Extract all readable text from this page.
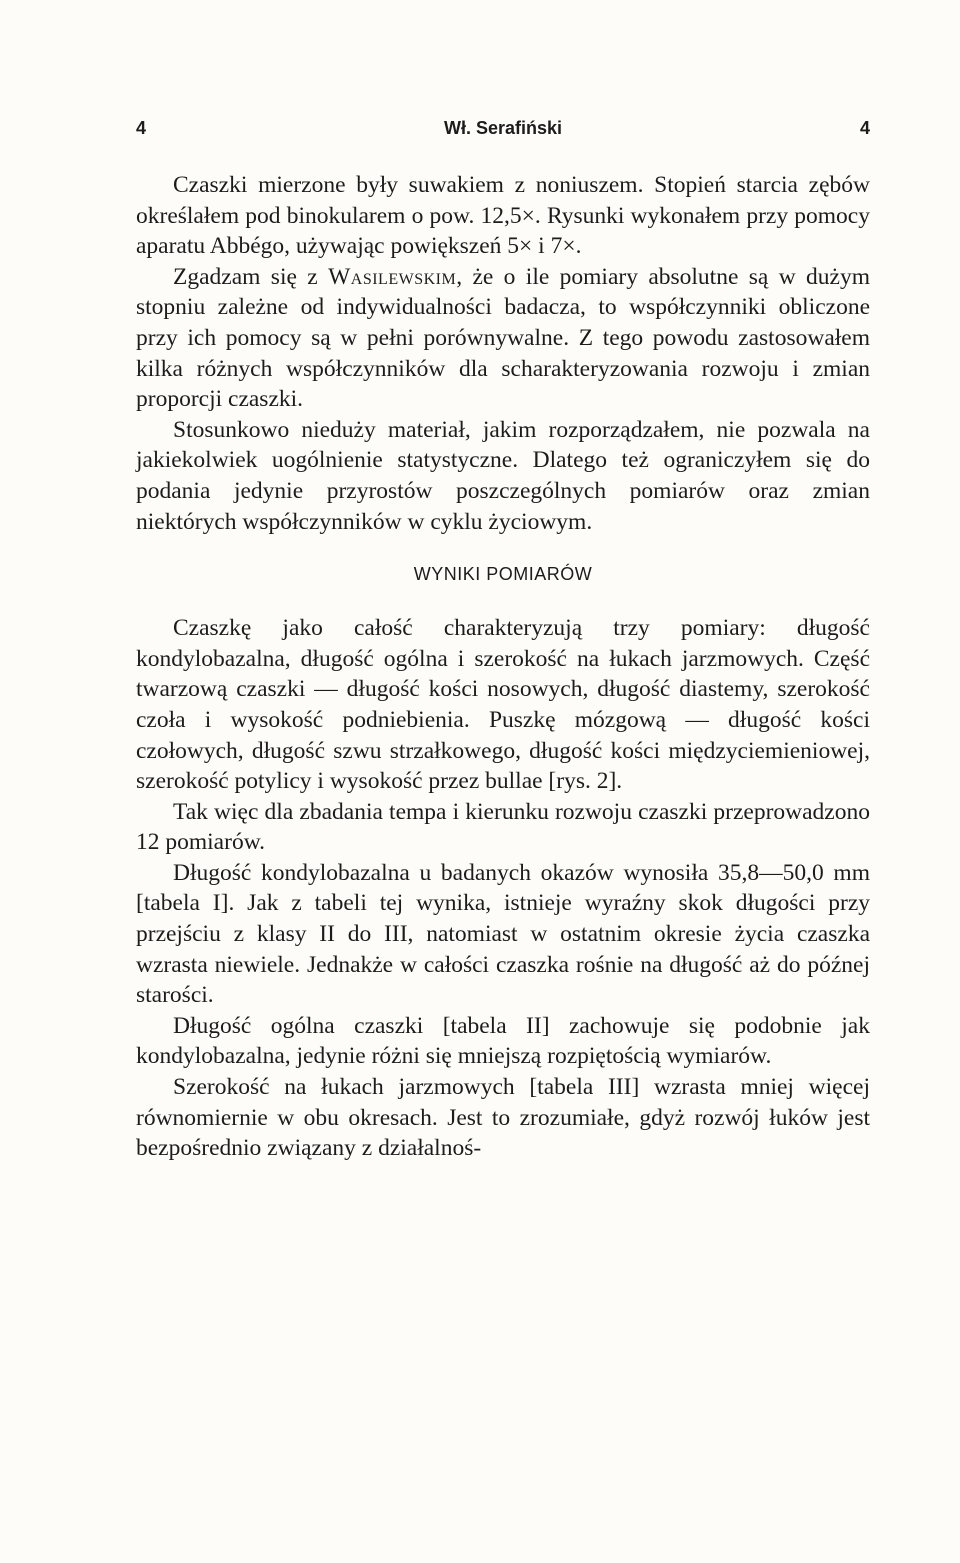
4	Wł. Serafiński	4

Czaszki mierzone były suwakiem z noniuszem. Stopień starcia zębów określałem pod binokularem o pow. 12,5×. Rysunki wykonałem przy pomocy aparatu Abbégo, używając powiększeń 5× i 7×.

Zgadzam się z Wasilewskim, że o ile pomiary absolutne są w dużym stopniu zależne od indywidualności badacza, to współczynniki obliczone przy ich pomocy są w pełni porównywalne. Z tego powodu zastosowałem kilka różnych współczynników dla scharakteryzowania rozwoju i zmian proporcji czaszki.

Stosunkowo nieduży materiał, jakim rozporządzałem, nie pozwala na jakiekolwiek uogólnienie statystyczne. Dlatego też ograniczyłem się do podania jedynie przyrostów poszczególnych pomiarów oraz zmian niektórych współczynników w cyklu życiowym.

WYNIKI POMIARÓW

Czaszkę jako całość charakteryzują trzy pomiary: długość kondylobazalna, długość ogólna i szerokość na łukach jarzmowych. Część twarzową czaszki — długość kości nosowych, długość diastemy, szerokość czoła i wysokość podniebienia. Puszkę mózgową — długość kości czołowych, długość szwu strzałkowego, długość kości międzyciemieniowej, szerokość potylicy i wysokość przez bullae [rys. 2].

Tak więc dla zbadania tempa i kierunku rozwoju czaszki przeprowadzono 12 pomiarów.

Długość kondylobazalna u badanych okazów wynosiła 35,8—50,0 mm [tabela I]. Jak z tabeli tej wynika, istnieje wyraźny skok długości przy przejściu z klasy II do III, natomiast w ostatnim okresie życia czaszka wzrasta niewiele. Jednakże w całości czaszka rośnie na długość aż do późnej starości.

Długość ogólna czaszki [tabela II] zachowuje się podobnie jak kondylobazalna, jedynie różni się mniejszą rozpiętością wymiarów.

Szerokość na łukach jarzmowych [tabela III] wzrasta mniej więcej równomiernie w obu okresach. Jest to zrozumiałe, gdyż rozwój łuków jest bezpośrednio związany z działalnoś-
